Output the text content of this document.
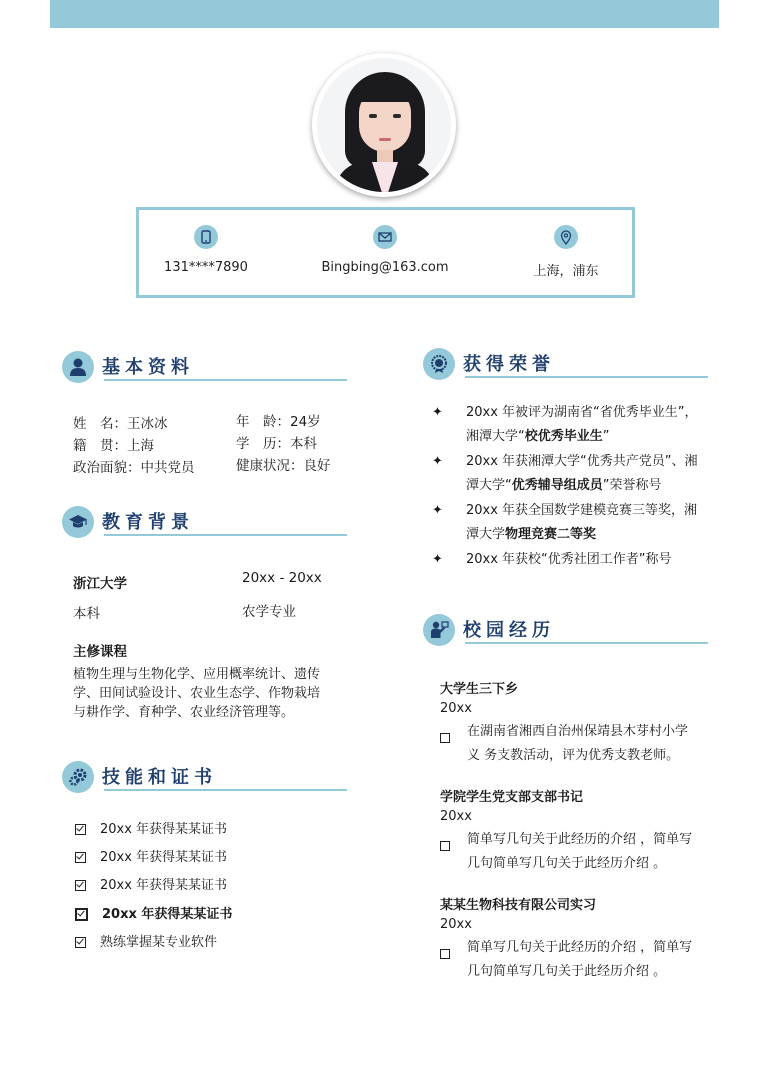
131****7890	Bingbing@163.com	上海，浦东
基本资料
姓　名：王冰冰	年　龄：24岁
籍　贯：上海	学　历：本科
政治面貌：中共党员	健康状况：良好
教育背景
浙江大学	20xx - 20xx
本科	农学专业
主修课程
植物生理与生物化学、应用概率统计、遗传
学、田间试验设计、农业生态学、作物栽培
与耕作学、育种学、农业经济管理等。
技能和证书
20xx 年获得某某证书
20xx 年获得某某证书
20xx 年获得某某证书
20xx 年获得某某证书
熟练掌握某专业软件
获得荣誉
✦ 20xx 年被评为湖南省“省优秀毕业生”，
湘潭大学“校优秀毕业生”
✦ 20xx 年获湘潭大学“优秀共产党员”、湘
潭大学“优秀辅导组成员”荣誉称号
✦ 20xx 年获全国数学建模竞赛三等奖，湘
潭大学物理竞赛二等奖
✦ 20xx 年获校“优秀社团工作者”称号
校园经历
大学生三下乡
20xx
在湖南省湘西自治州保靖县木芽村小学
义 务支教活动，评为优秀支教老师。
学院学生党支部支部书记
20xx
简单写几句关于此经历的介绍 ，简单写
几句简单写几句关于此经历介绍 。
某某生物科技有限公司实习
20xx
简单写几句关于此经历的介绍 ，简单写
几句简单写几句关于此经历介绍 。
